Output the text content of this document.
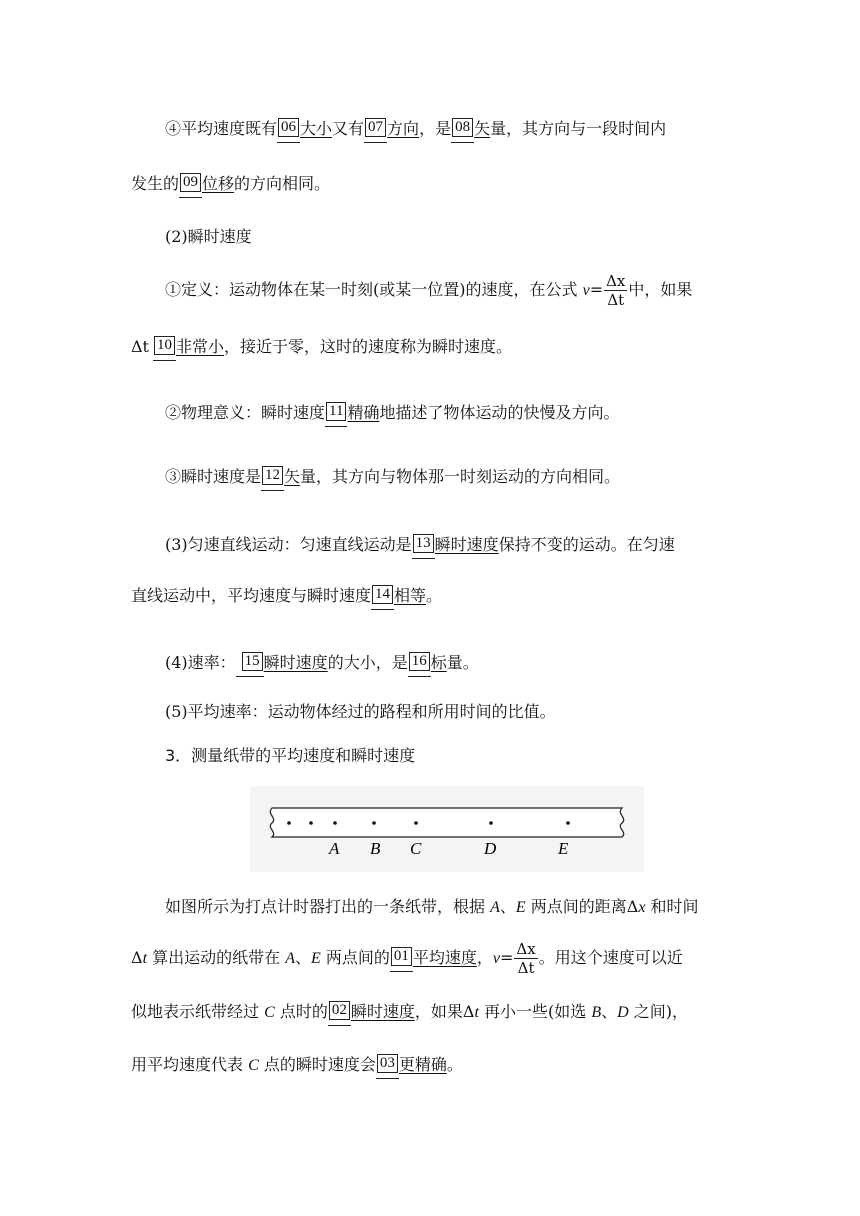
④平均速度既有 06 大小又有 07 方向，是 08 矢量，其方向与一段时间内
发生的 09 位移的方向相同。
(2)瞬时速度
①定义：运动物体在某一时刻(或某一位置)的速度，在公式 $v= \frac{\Delta x}{\Delta t}$ 中，如果
Δt 10 非常小，接近于零，这时的速度称为瞬时速度。
②物理意义：瞬时速度 11 精确地描述了物体运动的快慢及方向。
③瞬时速度是 12 矢量，其方向与物体那一时刻运动的方向相同。
(3)匀速直线运动：匀速直线运动是 13 瞬时速度保持不变的运动。在匀速
直线运动中，平均速度与瞬时速度 14 相等。
(4)速率： 15 瞬时速度的大小，是 16 标量。
(5)平均速率：运动物体经过的路程和所用时间的比值。
3．测量纸带的平均速度和瞬时速度
A B C	D	E
如图所示为打点计时器打出的一条纸带，根据 A、E 两点间的距离Δx 和时间
Δt 算出运动的纸带在 A、E 两点间的 01 平均速度，$v= \frac{\Delta x}{\Delta t}$ 。用这个速度可以近
似地表示纸带经过 C 点时的 02 瞬时速度，如果Δt 再小一些(如选 B、D 之间)，
用平均速度代表 C 点的瞬时速度会 03 更精确。
